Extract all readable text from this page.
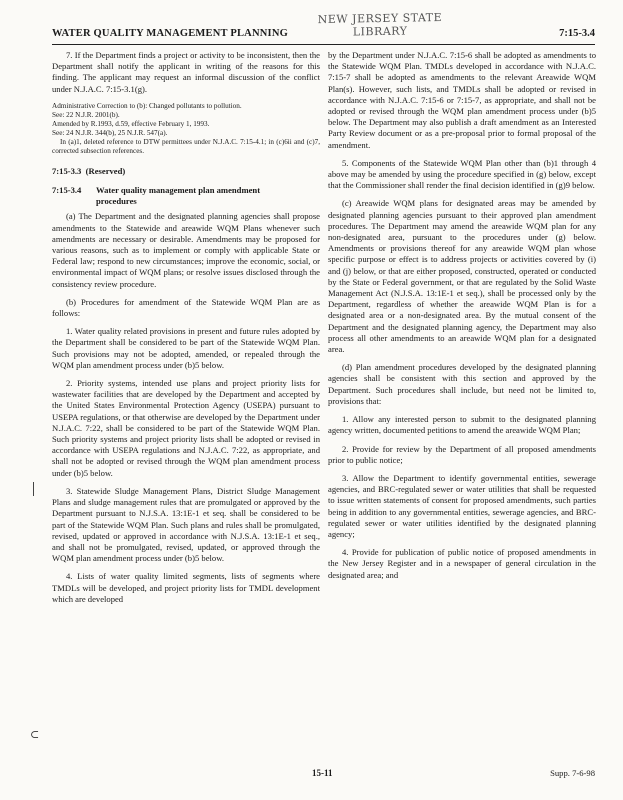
NEW JERSEY STATE LIBRARY
WATER QUALITY MANAGEMENT PLANNING	7:15-3.4
⊂

7. If the Department finds a project or activity to be inconsistent, then the Department shall notify the applicant in writing of the reasons for this finding. The applicant may request an informal discussion of the conflict under N.J.A.C. 7:15-3.1(g).

Administrative Correction to (b): Changed pollutants to pollution.
See: 22 N.J.R. 2001(b).
Amended by R.1993, d.59, effective February 1, 1993.
See: 24 N.J.R. 344(b), 25 N.J.R. 547(a).
In (a)1, deleted reference to DTW permittees under N.J.A.C. 7:15-4.1; in (c)6ii and (c)7, corrected subsection references.
7:15-3.3 (Reserved)
7:15-3.4	Water quality management plan amendment
procedures

(a) The Department and the designated planning agencies shall propose amendments to the Statewide and areawide WQM Plans whenever such amendments are necessary or desirable. Amendments may be proposed for various reasons, such as to implement or comply with applicable State or Federal law; respond to new circumstances; improve the economic, social, or environmental impact of WQM plans; or resolve issues disclosed through the consistency review procedure.

(b) Procedures for amendment of the Statewide WQM Plan are as follows:

1. Water quality related provisions in present and future rules adopted by the Department shall be considered to be part of the Statewide WQM Plan. Such provisions may not be adopted, amended, or repealed through the WQM plan amendment process under (b)5 below.

2. Priority systems, intended use plans and project priority lists for wastewater facilities that are developed by the Department and accepted by the United States Environmental Protection Agency (USEPA) pursuant to USEPA regulations, or that otherwise are developed by the Department under N.J.A.C. 7:22, shall be considered to be part of the Statewide WQM Plan. Such priority systems and project priority lists shall be adopted or revised in accordance with USEPA regulations and N.J.A.C. 7:22, as appropriate, and shall not be adopted or revised through the WQM plan amendment process under (b)5 below.

3. Statewide Sludge Management Plans, District Sludge Management Plans and sludge management rules that are promulgated or approved by the Department pursuant to N.J.S.A. 13:1E-1 et seq. shall be considered to be part of the Statewide WQM Plan. Such plans and rules shall be promulgated, revised, updated or approved in accordance with N.J.S.A. 13:1E-1 et seq., and shall not be promulgated, revised, updated, or approved through the WQM plan amendment process under (b)5 below.

4. Lists of water quality limited segments, lists of segments where TMDLs will be developed, and project priority lists for TMDL development which are developed

by the Department under N.J.A.C. 7:15-6 shall be adopted as amendments to the Statewide WQM Plan. TMDLs developed in accordance with N.J.A.C. 7:15-7 shall be adopted as amendments to the relevant Areawide WQM Plan(s). However, such lists, and TMDLs shall be adopted or revised in accordance with N.J.A.C. 7:15-6 or 7:15-7, as appropriate, and shall not be adopted or revised through the WQM plan amendment process under (b)5 below. The Department may also publish a draft amendment as an Interested Party Review document or as a pre-proposal prior to formal proposal of the amendment.

5. Components of the Statewide WQM Plan other than (b)1 through 4 above may be amended by using the procedure specified in (g) below, except that the Commissioner shall render the final decision identified in (g)9 below.

(c) Areawide WQM plans for designated areas may be amended by designated planning agencies pursuant to their approved plan amendment procedures. The Department may amend the areawide WQM plan for any non-designated area, pursuant to the procedures under (g) below. Amendments or provisions thereof for any areawide WQM plan whose specific purpose or effect is to address projects or activities covered by (i) and (j) below, or that are either proposed, constructed, operated or conducted by the State or Federal government, or that are regulated by the Solid Waste Management Act (N.J.S.A. 13:1E-1 et seq.), shall be processed only by the Department, regardless of whether the areawide WQM Plan is for a designated area or a non-designated area. By the mutual consent of the Department and the designated planning agency, the Department may also process all other amendments to an areawide WQM plan for a designated area.

(d) Plan amendment procedures developed by the designated planning agencies shall be consistent with this section and approved by the Department. Such procedures shall include, but need not be limited to, provisions that:

1. Allow any interested person to submit to the designated planning agency written, documented petitions to amend the areawide WQM Plan;

2. Provide for review by the Department of all proposed amendments prior to public notice;

3. Allow the Department to identify governmental entities, sewerage agencies, and BRC-regulated sewer or water utilities that shall be requested to issue written statements of consent for proposed amendments, such parties being in addition to any governmental entities, sewerage agencies, and BRC-regulated sewer or water utilities identified by the designated planning agency;

4. Provide for publication of public notice of proposed amendments in the New Jersey Register and in a newspaper of general circulation in the designated area; and

15-11	Supp. 7-6-98
